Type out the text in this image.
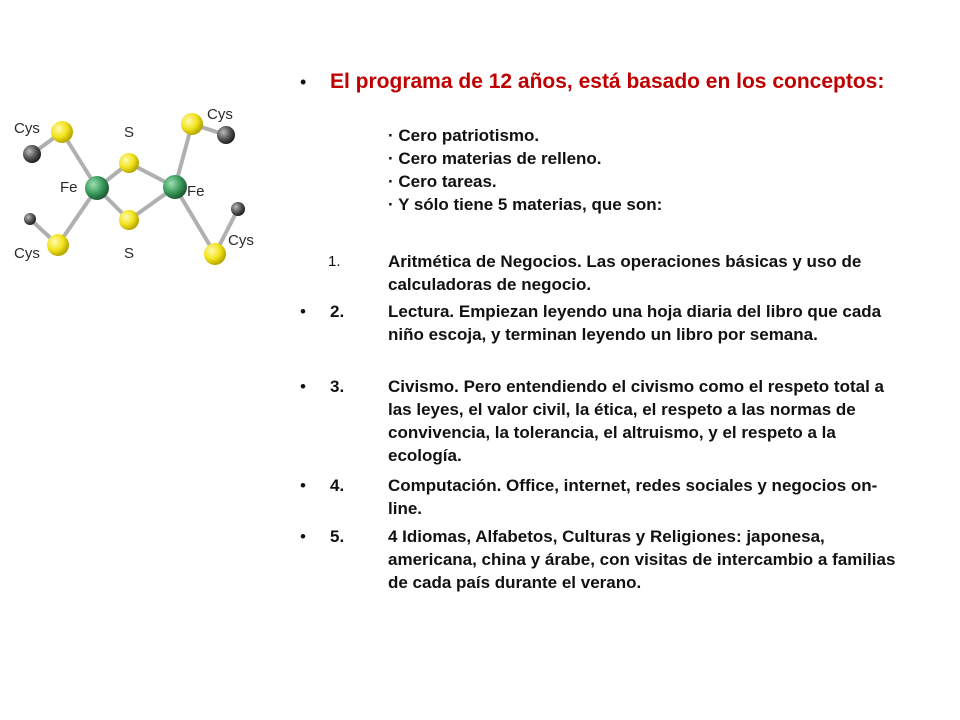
Cys
Cys
Cys
Cys
S
S
Fe	Fe
• El programa de 12 años, está basado en los conceptos:
· Cero patriotismo.
· Cero materias de relleno.
· Cero tareas.
· Y sólo tiene 5 materias, que son:
1.	Aritmética de Negocios. Las operaciones básicas y uso de calculadoras de negocio.
• 2.	Lectura. Empiezan leyendo una hoja diaria del libro que cada niño escoja, y terminan leyendo un libro por semana.
• 3.	Civismo. Pero entendiendo el civismo como el respeto total a las leyes, el valor civil, la ética, el respeto a las normas de convivencia, la tolerancia, el altruismo, y el respeto a la ecología.
• 4.	Computación. Office, internet, redes sociales y negocios on-line.
• 5.	4 Idiomas, Alfabetos, Culturas y Religiones: japonesa, americana, china y árabe, con visitas de intercambio a familias de cada país durante el verano.
